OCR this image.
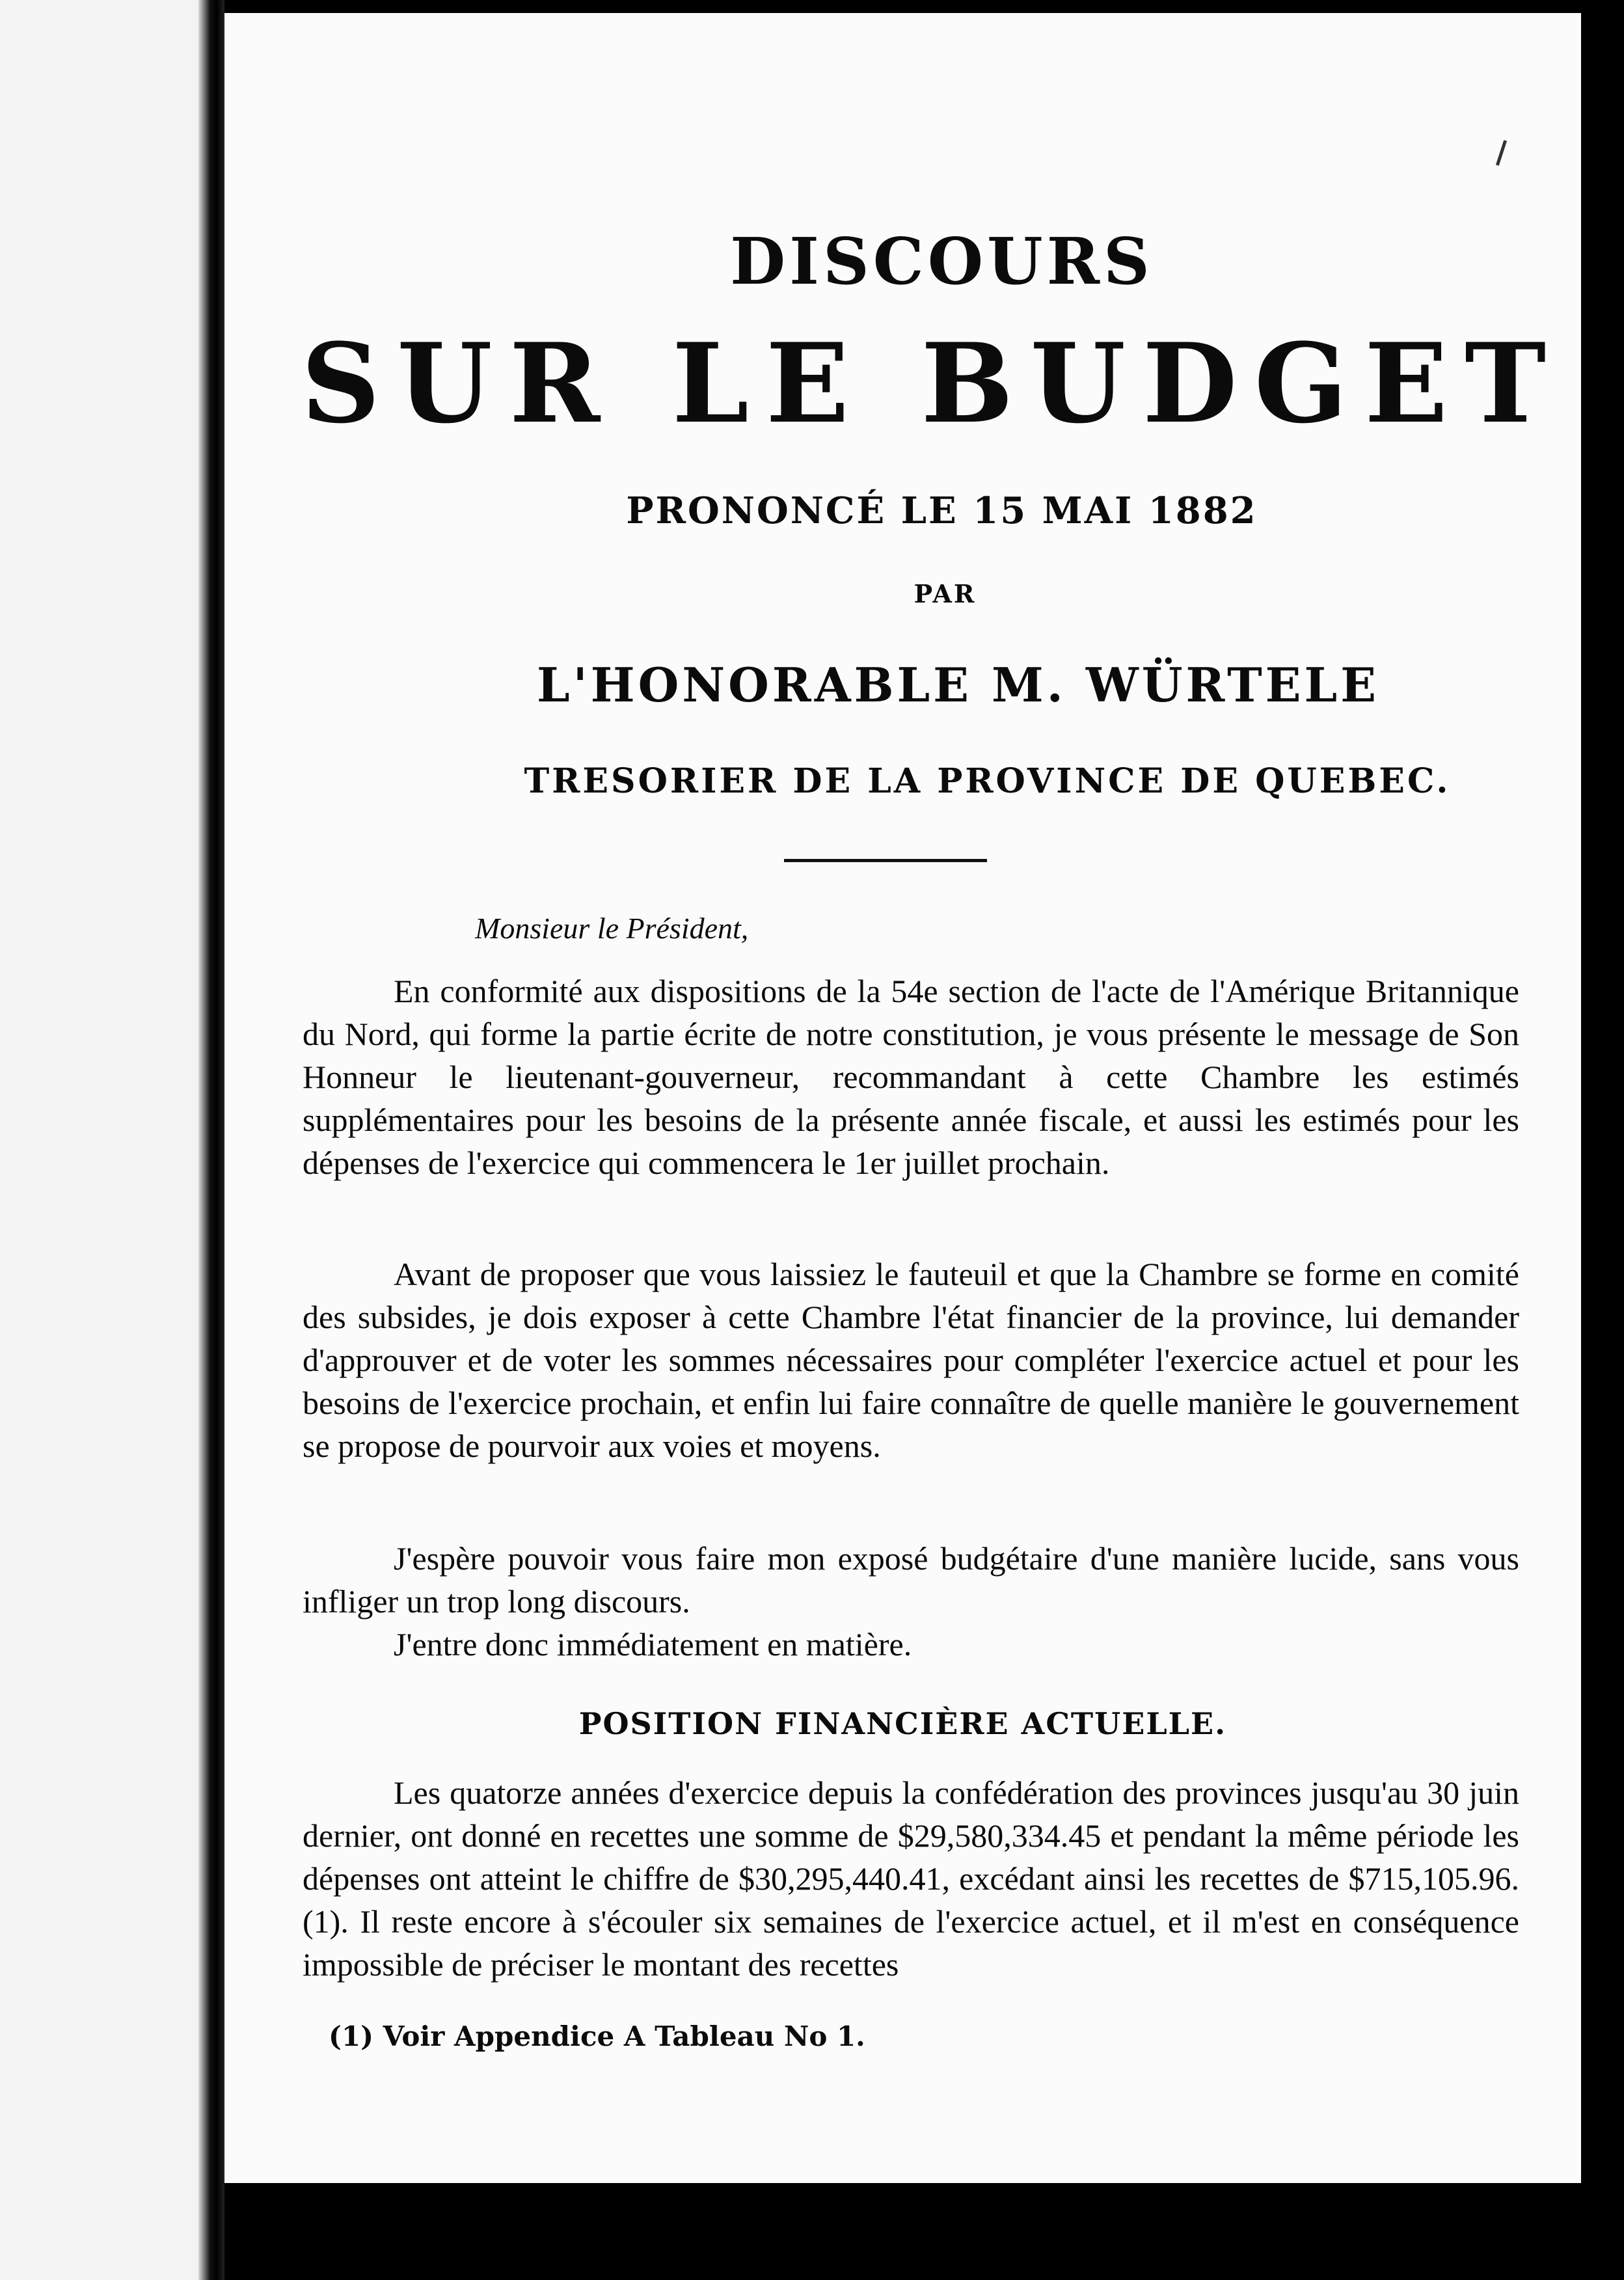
DISCOURS
SUR LE BUDGET
PRONONCÉ LE 15 MAI 1882
PAR
L'HONORABLE M. WÜRTELE
TRESORIER DE LA PROVINCE DE QUEBEC.
Monsieur le Président,

En conformité aux dispositions de la 54e section de l'acte de l'Amérique Britannique du Nord, qui forme la partie écrite de notre constitution, je vous présente le message de Son Honneur le lieutenant-gouverneur, recommandant à cette Chambre les estimés supplémentaires pour les besoins de la présente année fiscale, et aussi les estimés pour les dépenses de l'exercice qui commencera le 1er juillet prochain.

Avant de proposer que vous laissiez le fauteuil et que la Chambre se forme en comité des subsides, je dois exposer à cette Chambre l'état financier de la province, lui demander d'approuver et de voter les sommes nécessaires pour compléter l'exercice actuel et pour les besoins de l'exercice prochain, et enfin lui faire connaître de quelle manière le gouvernement se propose de pourvoir aux voies et moyens.

J'espère pouvoir vous faire mon exposé budgétaire d'une manière lucide, sans vous infliger un trop long discours.

J'entre donc immédiatement en matière.

POSITION FINANCIÈRE ACTUELLE.

Les quatorze années d'exercice depuis la confédération des provinces jusqu'au 30 juin dernier, ont donné en recettes une somme de $29,580,334.45 et pendant la même période les dépenses ont atteint le chiffre de $30,295,440.41, excédant ainsi les recettes de $715,105.96. (1). Il reste encore à s'écouler six semaines de l'exercice actuel, et il m'est en conséquence impossible de préciser le montant des recettes

(1) Voir Appendice A Tableau No 1.
